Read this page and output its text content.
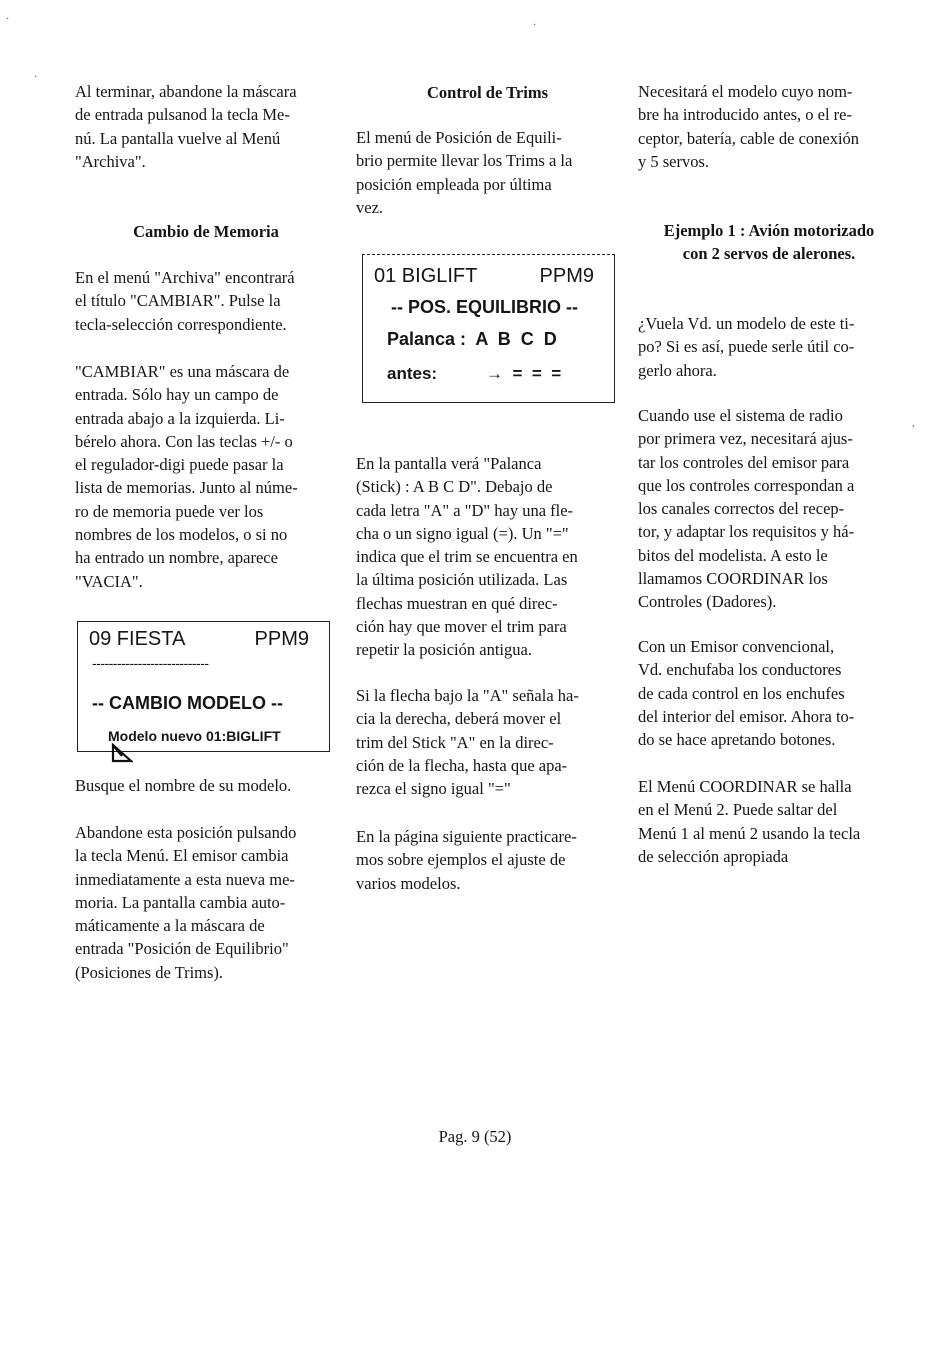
Al terminar, abandone la máscara
de entrada pulsanod la tecla Me-
nú. La pantalla vuelve al Menú
"Archiva".

Cambio de Memoria

En el menú "Archiva" encontrará
el título "CAMBIAR". Pulse la
tecla-selección correspondiente.

"CAMBIAR" es una máscara de
entrada. Sólo hay un campo de
entrada abajo a la izquierda. Li-
bérelo ahora. Con las teclas +/- o
el regulador-digi puede pasar la
lista de memorias. Junto al núme-
ro de memoria puede ver los
nombres de los modelos, o si no
ha entrado un nombre, aparece
"VACIA".

09 FIESTA	PPM9
----------------------------
-- CAMBIO MODELO --

Modelo nuevo 01:BIGLIFT

Busque el nombre de su modelo.

Abandone esta posición pulsando
la tecla Menú. El emisor cambia
inmediatamente a esta nueva me-
moria. La pantalla cambia auto-
máticamente a la máscara de
entrada "Posición de Equilibrio"
(Posiciones de Trims).

Control de Trims

El menú de Posición de Equili-
brio permite llevar los Trims a la
posición empleada por última
vez.

01 BIGLIFT	PPM9
-- POS. EQUILIBRIO --
Palanca :  A  B  C  D
antes:	→  =  =  =

En la pantalla verá "Palanca
(Stick) : A B C D". Debajo de
cada letra "A" a "D" hay una fle-
cha o un signo igual (=). Un "="
indica que el trim se encuentra en
la última posición utilizada. Las
flechas muestran en qué direc-
ción hay que mover el trim para
repetir la posición antigua.

Si la flecha bajo la "A" señala ha-
cia la derecha, deberá mover el
trim del Stick "A" en la direc-
ción de la flecha, hasta que apa-
rezca el signo igual "="

En la página siguiente practicare-
mos sobre ejemplos el ajuste de
varios modelos.

Necesitará el modelo cuyo nom-
bre ha introducido antes, o el re-
ceptor, batería, cable de conexión
y 5 servos.

Ejemplo 1 : Avión motorizado
con 2 servos de alerones.

¿Vuela Vd. un modelo de este ti-
po? Si es así, puede serle útil co-
gerlo ahora.

Cuando use el sistema de radio
por primera vez, necesitará ajus-
tar los controles del emisor para
que los controles correspondan a
los canales correctos del recep-
tor, y adaptar los requisitos y há-
bitos del modelista. A esto le
llamamos COORDINAR los
Controles (Dadores).

Con un Emisor convencional,
Vd. enchufaba los conductores
de cada control en los enchufes
del interior del emisor. Ahora to-
do se hace apretando botones.

El Menú COORDINAR se halla
en el Menú 2. Puede saltar del
Menú 1 al menú 2 usando la tecla
de selección apropiada

Pag. 9 (52)
·
·
,
·
